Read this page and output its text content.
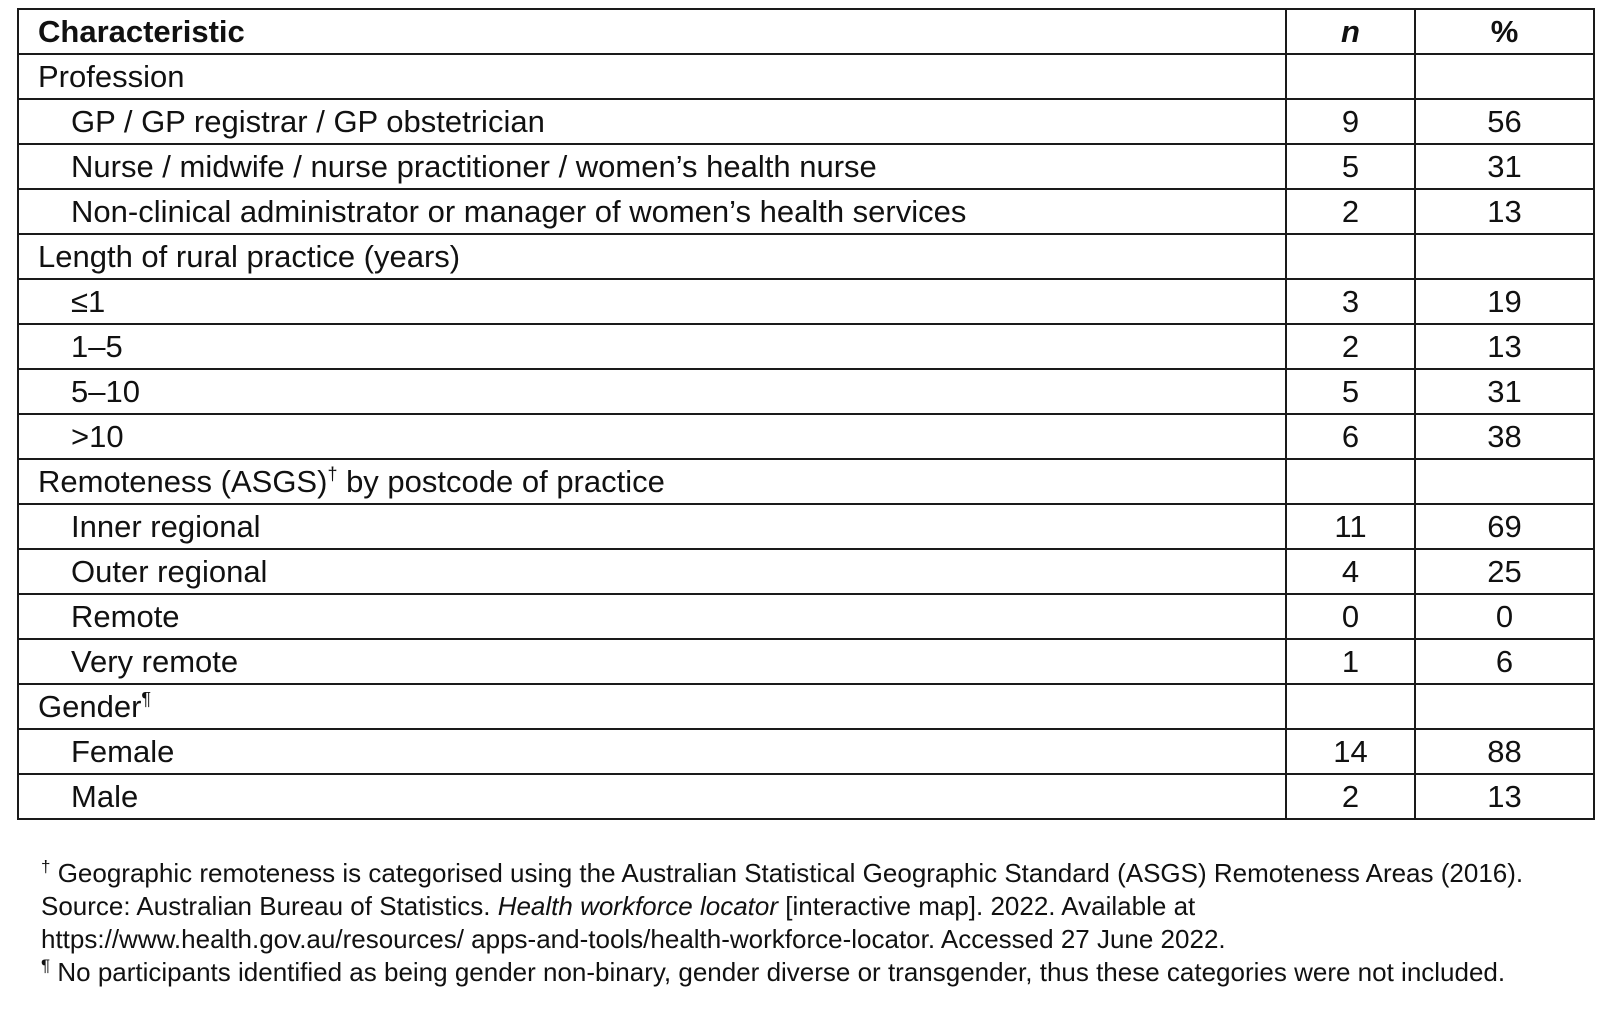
Characteristic	n	%
Profession		
GP / GP registrar / GP obstetrician	9	56
Nurse / midwife / nurse practitioner / women’s health nurse	5	31
Non-clinical administrator or manager of women’s health services	2	13
Length of rural practice (years)		
≤1	3	19
1–5	2	13
5–10	5	31
>10	6	38
Remoteness (ASGS)† by postcode of practice		
Inner regional	11	69
Outer regional	4	25
Remote	0	0
Very remote	1	6
Gender¶		
Female	14	88
Male	2	13

† Geographic remoteness is categorised using the Australian Statistical Geographic Standard (ASGS) Remoteness Areas (2016). Source: Australian Bureau of Statistics. Health workforce locator [interactive map]. 2022. Available at https://www.health.gov.au/resources/ apps-and-tools/health-workforce-locator. Accessed 27 June 2022.

¶ No participants identified as being gender non-binary, gender diverse or transgender, thus these categories were not included.
